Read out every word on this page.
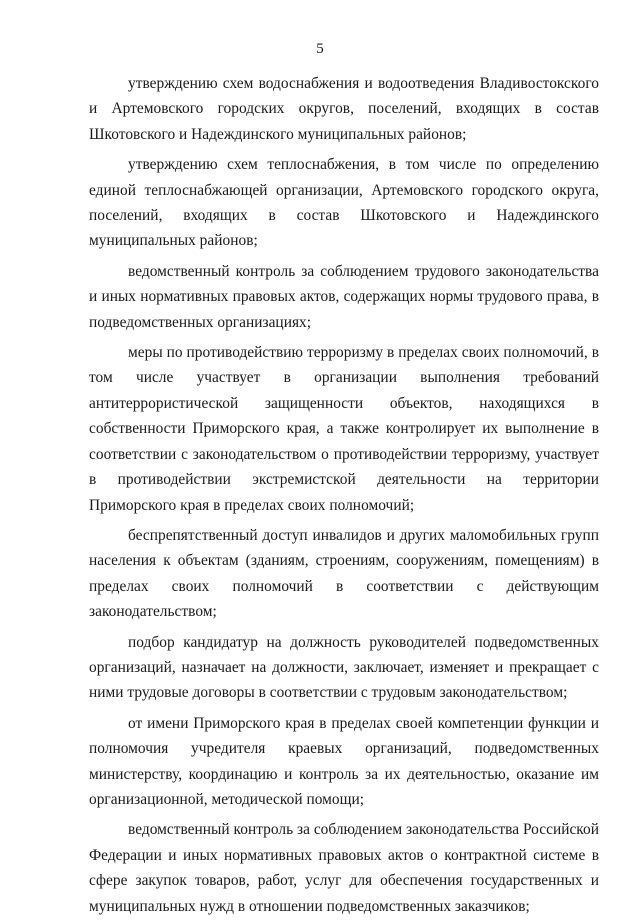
5

утверждению схем водоснабжения и водоотведения Владивостокского и Артемовского городских округов, поселений, входящих в состав Шкотовского и Надеждинского муниципальных районов;

утверждению схем теплоснабжения, в том числе по определению единой теплоснабжающей организации, Артемовского городского округа, поселений, входящих в состав Шкотовского и Надеждинского муниципальных районов;

ведомственный контроль за соблюдением трудового законодательства и иных нормативных правовых актов, содержащих нормы трудового права, в подведомственных организациях;

меры по противодействию терроризму в пределах своих полномочий, в том числе участвует в организации выполнения требований антитеррористической защищенности объектов, находящихся в собственности Приморского края, а также контролирует их выполнение в соответствии с законодательством о противодействии терроризму, участвует в противодействии экстремистской деятельности на территории Приморского края в пределах своих полномочий;

беспрепятственный доступ инвалидов и других маломобильных групп населения к объектам (зданиям, строениям, сооружениям, помещениям) в пределах своих полномочий в соответствии с действующим законодательством;

подбор кандидатур на должность руководителей подведомственных организаций, назначает на должности, заключает, изменяет и прекращает с ними трудовые договоры в соответствии с трудовым законодательством;

от имени Приморского края в пределах своей компетенции функции и полномочия учредителя краевых организаций, подведомственных министерству, координацию и контроль за их деятельностью, оказание им организационной, методической помощи;

ведомственный контроль за соблюдением законодательства Российской Федерации и иных нормативных правовых актов о контрактной системе в сфере закупок товаров, работ, услуг для обеспечения государственных и муниципальных нужд в отношении подведомственных заказчиков;
